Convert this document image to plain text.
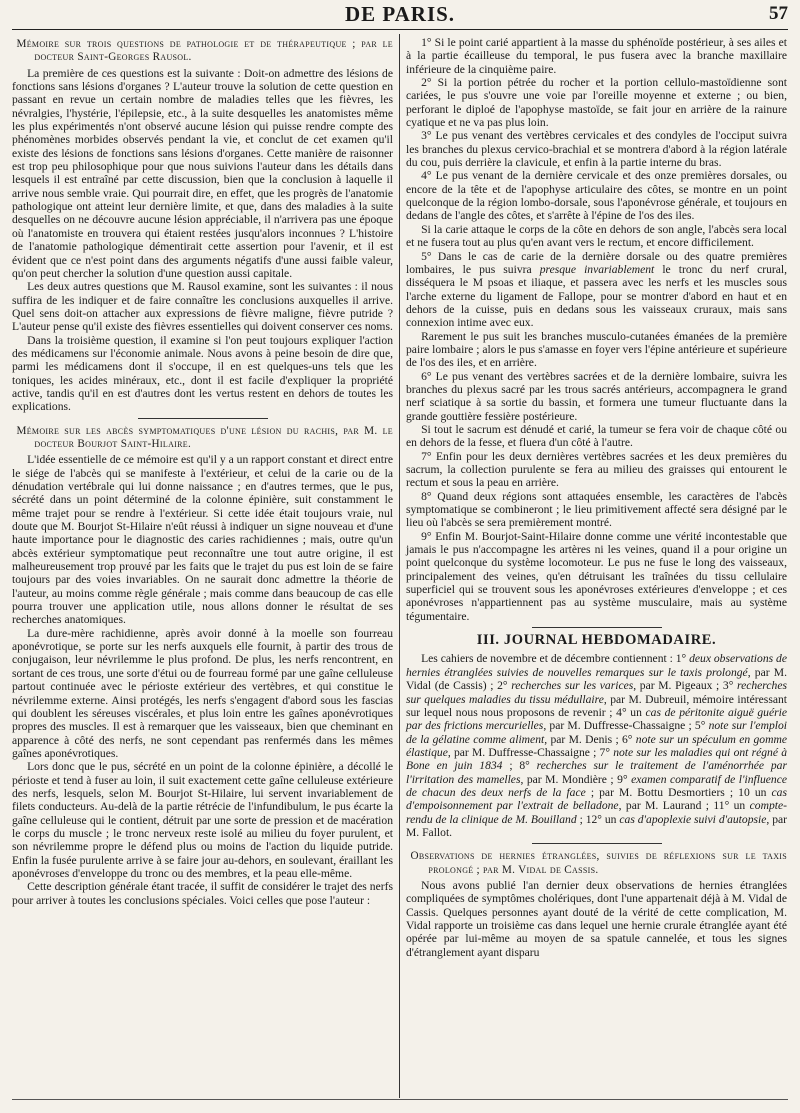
DE PARIS.	57

Mémoire sur trois questions de pathologie et de thérapeutique ; par le docteur Saint-Georges Rausol.

La première de ces questions est la suivante : Doit-on admettre des lésions de fonctions sans lésions d'organes ? L'auteur trouve la solution de cette question en passant en revue un certain nombre de maladies telles que les fièvres, les névralgies, l'hystérie, l'épilepsie, etc., à la suite desquelles les anatomistes même les plus expérimentés n'ont observé aucune lésion qui puisse rendre compte des phénomènes morbides observés pendant la vie, et conclut de cet examen qu'il existe des lésions de fonctions sans lésions d'organes. Cette manière de raisonner est trop peu philosophique pour que nous suivions l'auteur dans les détails dans lesquels il est entraîné par cette discussion, bien que la conclusion à laquelle il arrive nous semble vraie. Qui pourrait dire, en effet, que les progrès de l'anatomie pathologique ont atteint leur dernière limite, et que, dans des maladies à la suite desquelles on ne découvre aucune lésion appréciable, il n'arrivera pas une époque où l'anatomiste en trouvera qui étaient restées jusqu'alors inconnues ? L'histoire de l'anatomie pathologique démentirait cette assertion pour l'avenir, et il est évident que ce n'est point dans des arguments négatifs d'une aussi faible valeur, qu'on peut chercher la solution d'une question aussi capitale.

Les deux autres questions que M. Rausol examine, sont les suivantes : il nous suffira de les indiquer et de faire connaître les conclusions auxquelles il arrive. Quel sens doit-on attacher aux expressions de fièvre maligne, fièvre putride ? L'auteur pense qu'il existe des fièvres essentielles qui doivent conserver ces noms.

Dans la troisième question, il examine si l'on peut toujours expliquer l'action des médicamens sur l'économie animale. Nous avons à peine besoin de dire que, parmi les médicamens dont il s'occupe, il en est quelques-uns tels que les toniques, les acides minéraux, etc., dont il est facile d'expliquer la propriété active, tandis qu'il en est d'autres dont les vertus restent en dehors de toutes les explications.

Mémoire sur les abcès symptomatiques d'une lésion du rachis, par M. le docteur Bourjot Saint-Hilaire.

L'idée essentielle de ce mémoire est qu'il y a un rapport constant et direct entre le siége de l'abcès qui se manifeste à l'extérieur, et celui de la carie ou de la dénudation vertébrale qui lui donne naissance ; en d'autres termes, que le pus, sécrété dans un point déterminé de la colonne épinière, suit constamment le même trajet pour se rendre à l'extérieur. Si cette idée était toujours vraie, nul doute que M. Bourjot St-Hilaire n'eût réussi à indiquer un signe nouveau et d'une haute importance pour le diagnostic des caries rachidiennes ; mais, outre qu'un abcès extérieur symptomatique peut reconnaître une tout autre origine, il est malheureusement trop prouvé par les faits que le trajet du pus est loin de se faire toujours par des voies invariables. On ne saurait donc admettre la théorie de l'auteur, au moins comme règle générale ; mais comme dans beaucoup de cas elle pourra trouver une application utile, nous allons donner le résultat de ses recherches anatomiques.

La dure-mère rachidienne, après avoir donné à la moelle son fourreau aponévrotique, se porte sur les nerfs auxquels elle fournit, à partir des trous de conjugaison, leur névrilemme le plus profond. De plus, les nerfs rencontrent, en sortant de ces trous, une sorte d'étui ou de fourreau formé par une gaîne celluleuse partout continuée avec le périoste extérieur des vertèbres, et qui constitue le névrilemme externe. Ainsi protégés, les nerfs s'engagent d'abord sous les fascias qui doublent les séreuses viscérales, et plus loin entre les gaînes aponévrotiques propres des muscles. Il est à remarquer que les vaisseaux, bien que cheminant en apparence à côté des nerfs, ne sont cependant pas renfermés dans les mêmes gaînes aponévrotiques.

Lors donc que le pus, sécrété en un point de la colonne épinière, a décollé le périoste et tend à fuser au loin, il suit exactement cette gaîne celluleuse extérieure des nerfs, lesquels, selon M. Bourjot St-Hilaire, lui servent invariablement de filets conducteurs. Au-delà de la partie rétrécie de l'infundibulum, le pus écarte la gaîne celluleuse qui le contient, détruit par une sorte de pression et de macération le corps du muscle ; le tronc nerveux reste isolé au milieu du foyer purulent, et son névrilemme propre le défend plus ou moins de l'action du liquide putride. Enfin la fusée purulente arrive à se faire jour au-dehors, en soulevant, éraillant les aponévroses d'enveloppe du tronc ou des membres, et la peau elle-même.

Cette description générale étant tracée, il suffit de considérer le trajet des nerfs pour arriver à toutes les conclusions spéciales. Voici celles que pose l'auteur :

1° Si le point carié appartient à la masse du sphénoïde postérieur, à ses ailes et à la partie écailleuse du temporal, le pus fusera avec la branche maxillaire inférieure de la cinquième paire.

2° Si la portion pétrée du rocher et la portion cellulo-mastoïdienne sont cariées, le pus s'ouvre une voie par l'oreille moyenne et externe ; ou bien, perforant le diploé de l'apophyse mastoïde, se fait jour en arrière de la rainure cyatique et ne va pas plus loin.

3° Le pus venant des vertèbres cervicales et des condyles de l'occiput suivra les branches du plexus cervico-brachial et se montrera d'abord à la région latérale du cou, puis derrière la clavicule, et enfin à la partie interne du bras.

4° Le pus venant de la dernière cervicale et des onze premières dorsales, ou encore de la tête et de l'apophyse articulaire des côtes, se montre en un point quelconque de la région lombo-dorsale, sous l'aponévrose générale, et toujours en dedans de l'angle des côtes, et s'arrête à l'épine de l'os des iles.

Si la carie attaque le corps de la côte en dehors de son angle, l'abcès sera local et ne fusera tout au plus qu'en avant vers le rectum, et encore difficilement.

5° Dans le cas de carie de la dernière dorsale ou des quatre premières lombaires, le pus suivra presque invariablement le tronc du nerf crural, disséquera le M psoas et iliaque, et passera avec les nerfs et les muscles sous l'arche externe du ligament de Fallope, pour se montrer d'abord en haut et en dehors de la cuisse, puis en dedans sous les vaisseaux cruraux, mais sans connexion intime avec eux.

Rarement le pus suit les branches musculo-cutanées émanées de la première paire lombaire ; alors le pus s'amasse en foyer vers l'épine antérieure et supérieure de l'os des iles, et en arrière.

6° Le pus venant des vertèbres sacrées et de la dernière lombaire, suivra les branches du plexus sacré par les trous sacrés antérieurs, accompagnera le grand nerf sciatique à sa sortie du bassin, et formera une tumeur fluctuante dans la grande gouttière fessière postérieure.

Si tout le sacrum est dénudé et carié, la tumeur se fera voir de chaque côté ou en dehors de la fesse, et fluera d'un côté à l'autre.

7° Enfin pour les deux dernières vertèbres sacrées et les deux premières du sacrum, la collection purulente se fera au milieu des graisses qui entourent le rectum et sous la peau en arrière.

8° Quand deux régions sont attaquées ensemble, les caractères de l'abcès symptomatique se combineront ; le lieu primitivement affecté sera désigné par le lieu où l'abcès se sera premièrement montré.

9° Enfin M. Bourjot-Saint-Hilaire donne comme une vérité incontestable que jamais le pus n'accompagne les artères ni les veines, quand il a pour origine un point quelconque du système locomoteur. Le pus ne fuse le long des vaisseaux, principalement des veines, qu'en détruisant les traînées du tissu cellulaire superficiel qui se trouvent sous les aponévroses extérieures d'enveloppe ; et ces aponévroses n'appartiennent pas au système musculaire, mais au système tégumentaire.

III. JOURNAL HEBDOMADAIRE.

Les cahiers de novembre et de décembre contiennent : 1° deux observations de hernies étranglées suivies de nouvelles remarques sur le taxis prolongé, par M. Vidal (de Cassis) ; 2° recherches sur les varices, par M. Pigeaux ; 3° recherches sur quelques maladies du tissu médullaire, par M. Dubreuil, mémoire intéressant sur lequel nous nous proposons de revenir ; 4° un cas de péritonite aiguë guérie par des frictions mercurielles, par M. Duffresse-Chassaigne ; 5° note sur l'emploi de la gélatine comme aliment, par M. Denis ; 6° note sur un spéculum en gomme élastique, par M. Duffresse-Chassaigne ; 7° note sur les maladies qui ont régné à Bone en juin 1834 ; 8° recherches sur le traitement de l'aménorrhée par l'irritation des mamelles, par M. Mondière ; 9° examen comparatif de l'influence de chacun des deux nerfs de la face ; par M. Bottu Desmortiers ; 10 un cas d'empoisonnement par l'extrait de belladone, par M. Laurand ; 11° un compte-rendu de la clinique de M. Bouilland ; 12° un cas d'apoplexie suivi d'autopsie, par M. Fallot.

Observations de hernies étranglées, suivies de réflexions sur le taxis prolongé ; par M. Vidal de Cassis.

Nous avons publié l'an dernier deux observations de hernies étranglées compliquées de symptômes cholériques, dont l'une appartenait déjà à M. Vidal de Cassis. Quelques personnes ayant douté de la vérité de cette complication, M. Vidal rapporte un troisième cas dans lequel une hernie crurale étranglée ayant été opérée par lui-même au moyen de sa spatule cannelée, et tous les signes d'étranglement ayant disparu
